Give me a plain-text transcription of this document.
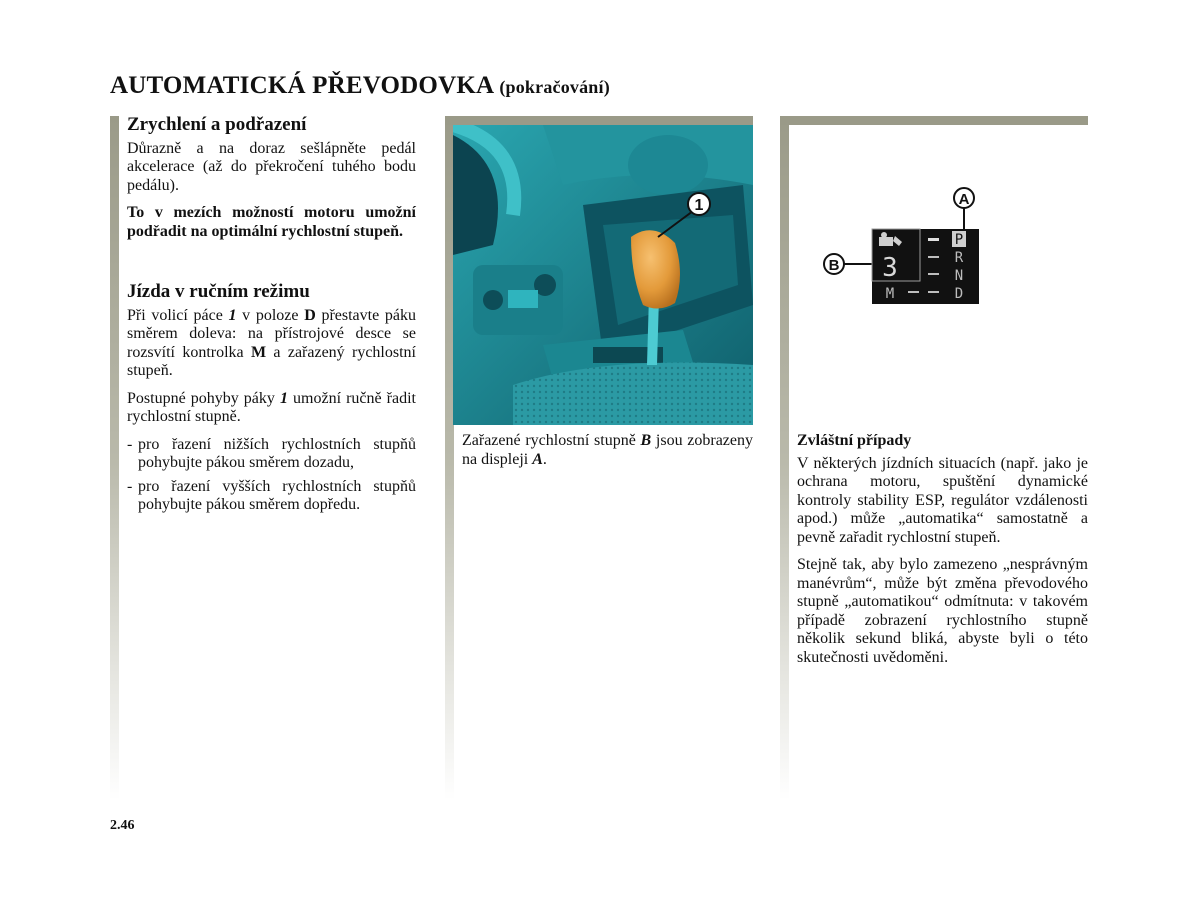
AUTOMATICKÁ PŘEVODOVKA (pokračování)
Zrychlení a podřazení

Důrazně a na doraz sešlápněte pedál akcelerace (až do překročení tuhého bodu pedálu).

To v mezích možností motoru umožní podřadit na optimální rychlostní stupeň.

Jízda v ručním režimu

Při volicí páce 1 v poloze D přestavte páku směrem doleva: na přístrojové desce se rozsvítí kontrolka M a zařazený rychlostní stupeň.

Postupné pohyby páky 1 umožní ručně řadit rychlostní stupně.

- pro řazení nižších rychlostních stupňů pohybujte pákou směrem dozadu,
- pro řazení vyšších rychlostních stupňů pohybujte pákou směrem dopředu.
1

Zařazené rychlostní stupně B jsou zobrazeny na displeji A.

A
B 3
M
P
R
N
D
Zvláštní případy

V některých jízdních situacích (např. jako je ochrana motoru, spuštění dynamické kontroly stability ESP, regulátor vzdálenosti apod.) může „automatika“ samostatně a pevně zařadit rychlostní stupeň.

Stejně tak, aby bylo zamezeno „nesprávným manévrům“, může být změna převodového stupně „automatikou“ odmítnuta: v takovém případě zobrazení rychlostního stupně několik sekund bliká, abyste byli o této skutečnosti uvědoměni.

2.46
